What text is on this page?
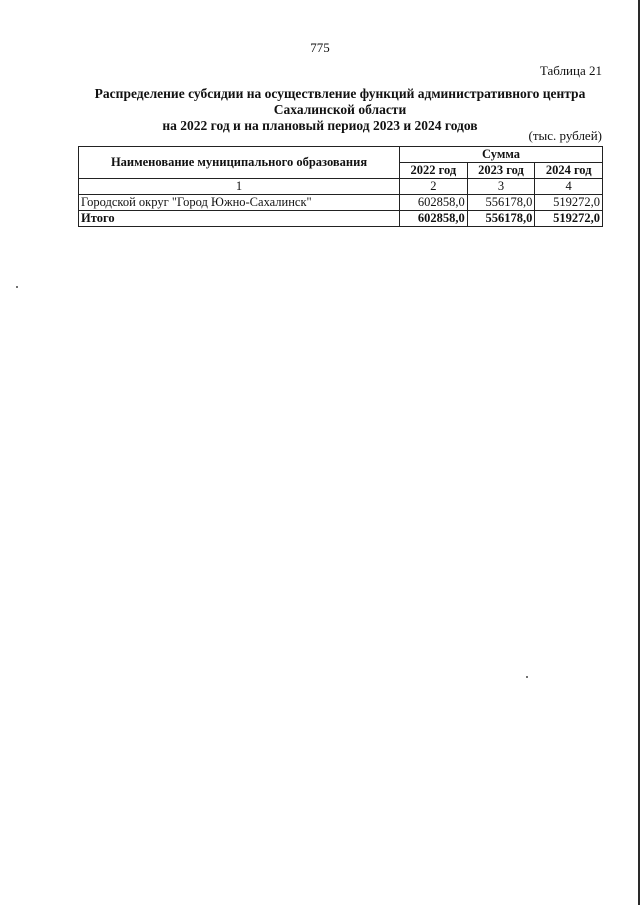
775
Таблица 21
Распределение субсидии на осуществление функций административного центра
Сахалинской области
на 2022 год и на плановый период 2023 и 2024 годов
(тыс. рублей)
Наименование муниципального образования	Сумма		
	2022 год	2023 год	2024 год
1	2	3	4
Городской округ "Город Южно-Сахалинск"	602858,0	556178,0	519272,0
Итого	602858,0	556178,0	519272,0
